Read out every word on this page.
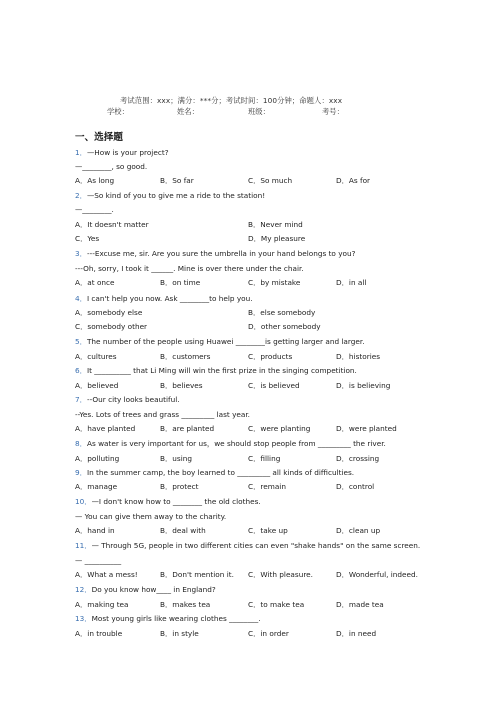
考试范围：xxx；满分：***分；考试时间：100分钟；命题人：xxx
学校：	姓名：	班级：	考号：
一、选择题
1．—How is your project?
—________, so good.
A．As long	B．So far	C．So much	D．As for
2．—So kind of you to give me a ride to the station!
—________.
A．It doesn't matter	B．Never mind
C．Yes	D．My pleasure
3．---Excuse me, sir. Are you sure the umbrella in your hand belongs to you?
---Oh, sorry, I took it ______. Mine is over there under the chair.
A．at once	B．on time	C．by mistake	D．in all
4．I can't help you now. Ask ________to help you.
A．somebody else	B．else somebody
C．somebody other	D．other somebody
5．The number of the people using Huawei ________is getting larger and larger.
A．cultures	B．customers	C．products	D．histories
6．It __________ that Li Ming will win the first prize in the singing competition.
A．believed	B．believes	C．is believed	D．is believing
7．--Our city looks beautiful.
--Yes. Lots of trees and grass _________ last year.
A．have planted	B．are planted	C．were planting	D．were planted
8．As water is very important for us，we should stop people from _________ the river.
A．polluting	B．using	C．filling	D．crossing
9．In the summer camp, the boy learned to _________ all kinds of difficulties.
A．manage	B．protect	C．remain	D．control
10．—I don't know how to ________ the old clothes.
— You can give them away to the charity.
A．hand in	B．deal with	C．take up	D．clean up
11．— Through 5G, people in two different cities can even "shake hands" on the same screen.
— __________
A．What a mess!	B．Don't mention it. C．With pleasure.	D．Wonderful, indeed.
12．Do you know how____ in England?
A．making tea	B．makes tea	C．to make tea	D．made tea
13．Most young girls like wearing clothes ________.
A．in trouble	B．in style	C．in order	D．in need
